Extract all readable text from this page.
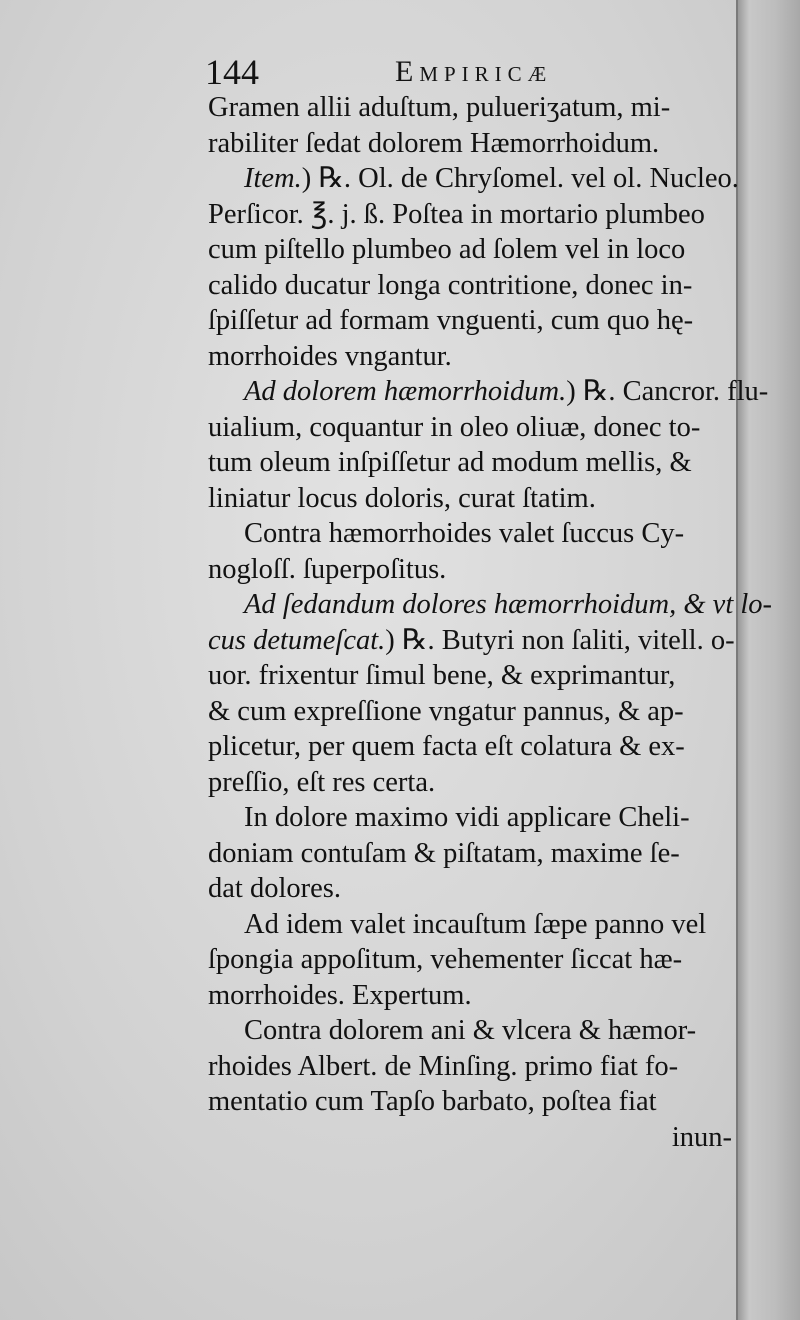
144	Empiricæ
Gramen allii aduſtum, pulueriʒatum, mi-
rabiliter ſedat dolorem Hæmorrhoidum.
Item.) ℞. Ol. de Chryſomel. vel ol. Nucleo.
Perſicor. ℥. j. ß. Poſtea in mortario plumbeo
cum piſtello plumbeo ad ſolem vel in loco
calido ducatur longa contritione, donec in-
ſpiſſetur ad formam vnguenti, cum quo hę-
morrhoides vngantur.
Ad dolorem hæmorrhoidum.) ℞. Cancror. flu-
uialium, coquantur in oleo oliuæ, donec to-
tum oleum inſpiſſetur ad modum mellis, &
liniatur locus doloris, curat ſtatim.
Contra hæmorrhoides valet ſuccus Cy-
nogloſſ. ſuperpoſitus.
Ad ſedandum dolores hæmorrhoidum, & vt lo-
cus detumeſcat.) ℞. Butyri non ſaliti, vitell. o-
uor. frixentur ſimul bene, & exprimantur,
& cum expreſſione vngatur pannus, & ap-
plicetur, per quem facta eſt colatura & ex-
preſſio, eſt res certa.
In dolore maximo vidi applicare Cheli-
doniam contuſam & piſtatam, maxime ſe-
dat dolores.
Ad idem valet incauſtum ſæpe panno vel
ſpongia appoſitum, vehementer ſiccat hæ-
morrhoides. Expertum.
Contra dolorem ani & vlcera & hæmor-
rhoides Albert. de Minſing. primo fiat fo-
mentatio cum Tapſo barbato, poſtea fiat
inun-
